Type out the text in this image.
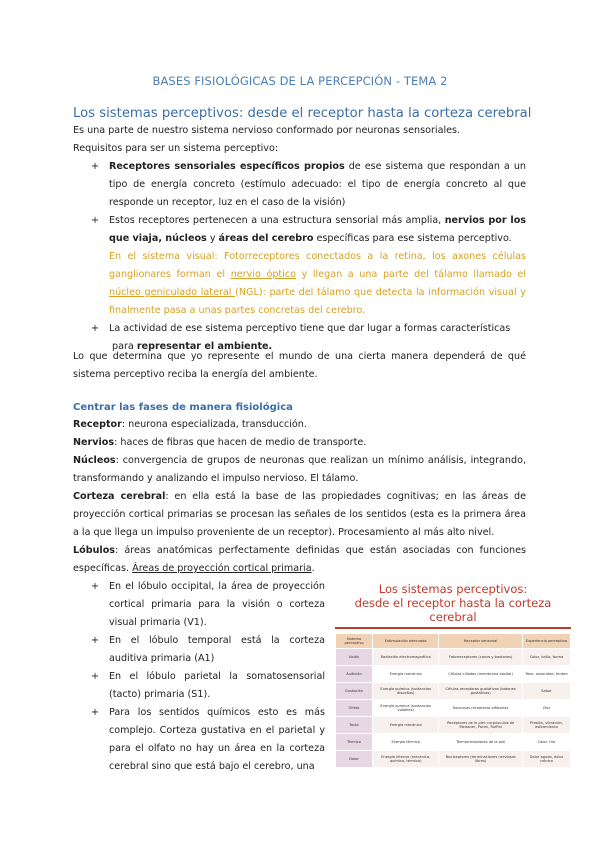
BASES FISIOLÓGICAS DE LA PERCEPCIÓN - TEMA 2
Los sistemas perceptivos: desde el receptor hasta la corteza cerebral
Es una parte de nuestro sistema nervioso conformado por neuronas sensoriales.
Requisitos para ser un sistema perceptivo:
+ Receptores sensoriales específicos propios de ese sistema que respondan a un tipo de energía concreto (estímulo adecuado: el tipo de energía concreto al que responde un receptor, luz en el caso de la visión)
+ Estos receptores pertenecen a una estructura sensorial más amplia, nervios por los que viaja, núcleos y áreas del cerebro específicas para ese sistema perceptivo.
En el sistema visual: Fotorreceptores conectados a la retina, los axones células ganglionares forman el nervio óptico y llegan a una parte del tálamo llamado el núcleo geniculado lateral (NGL): parte del tálamo que detecta la información visual y finalmente pasa a unas partes concretas del cerebro.
+ La actividad de ese sistema perceptivo tiene que dar lugar a formas características
para representar el ambiente.
Lo que determina que yo represente el mundo de una cierta manera dependerá de qué sistema perceptivo reciba la energía del ambiente.
Centrar las fases de manera fisiológica
Receptor: neurona especializada, transducción.
Nervios: haces de fibras que hacen de medio de transporte.
Núcleos: convergencia de grupos de neuronas que realizan un mínimo análisis, integrando, transformando y analizando el impulso nervioso. El tálamo.
Corteza cerebral: en ella está la base de las propiedades cognitivas; en las áreas de proyección cortical primarias se procesan las señales de los sentidos (esta es la primera área a la que llega un impulso proveniente de un receptor). Procesamiento al más alto nivel.
Lóbulos: áreas anatómicas perfectamente definidas que están asociadas con funciones específicas. Áreas de proyección cortical primaria.
+ En el lóbulo occipital, la área de proyección cortical primaria para la visión o corteza visual primaria (V1).
+ En el lóbulo temporal está la corteza auditiva primaria (A1)
+ En el lóbulo parietal la somatosensorial (tacto) primaria (S1).
+ Para los sentidos químicos esto es más complejo. Corteza gustativa en el parietal y para el olfato no hay un área en la corteza cerebral sino que está bajo el cerebro, una
Los sistemas perceptivos:
desde el receptor hasta la corteza cerebral
Sistema perceptivo	Estimulación adecuada	Receptor sensorial	Experiencia perceptiva
Visión	Radiación electromagnética	Fotorreceptores (conos y bastones)	Color, brillo, forma
Audición	Energía mecánica	Células ciliadas (membrana basilar)	Tono, sonoridad, timbre
Gustación	Energía química (sustancias disueltas)	Células receptoras gustativas (botones gustativos)	Sabor
Olfato	Energía química (sustancias volátiles)	Neuronas receptoras olfatorias	Olor
Tacto	Energía mecánica	Receptores de la piel: corpúsculos de Meissner, Pacini, Ruffini	Presión, vibración, estiramiento
Térmico	Energía térmica	Termorreceptores de la piel	Calor, frío
Dolor	Energía intensa (mecánica, química, térmica)	Nociceptores (terminaciones nerviosas libres)	Dolor agudo, dolor crónico
